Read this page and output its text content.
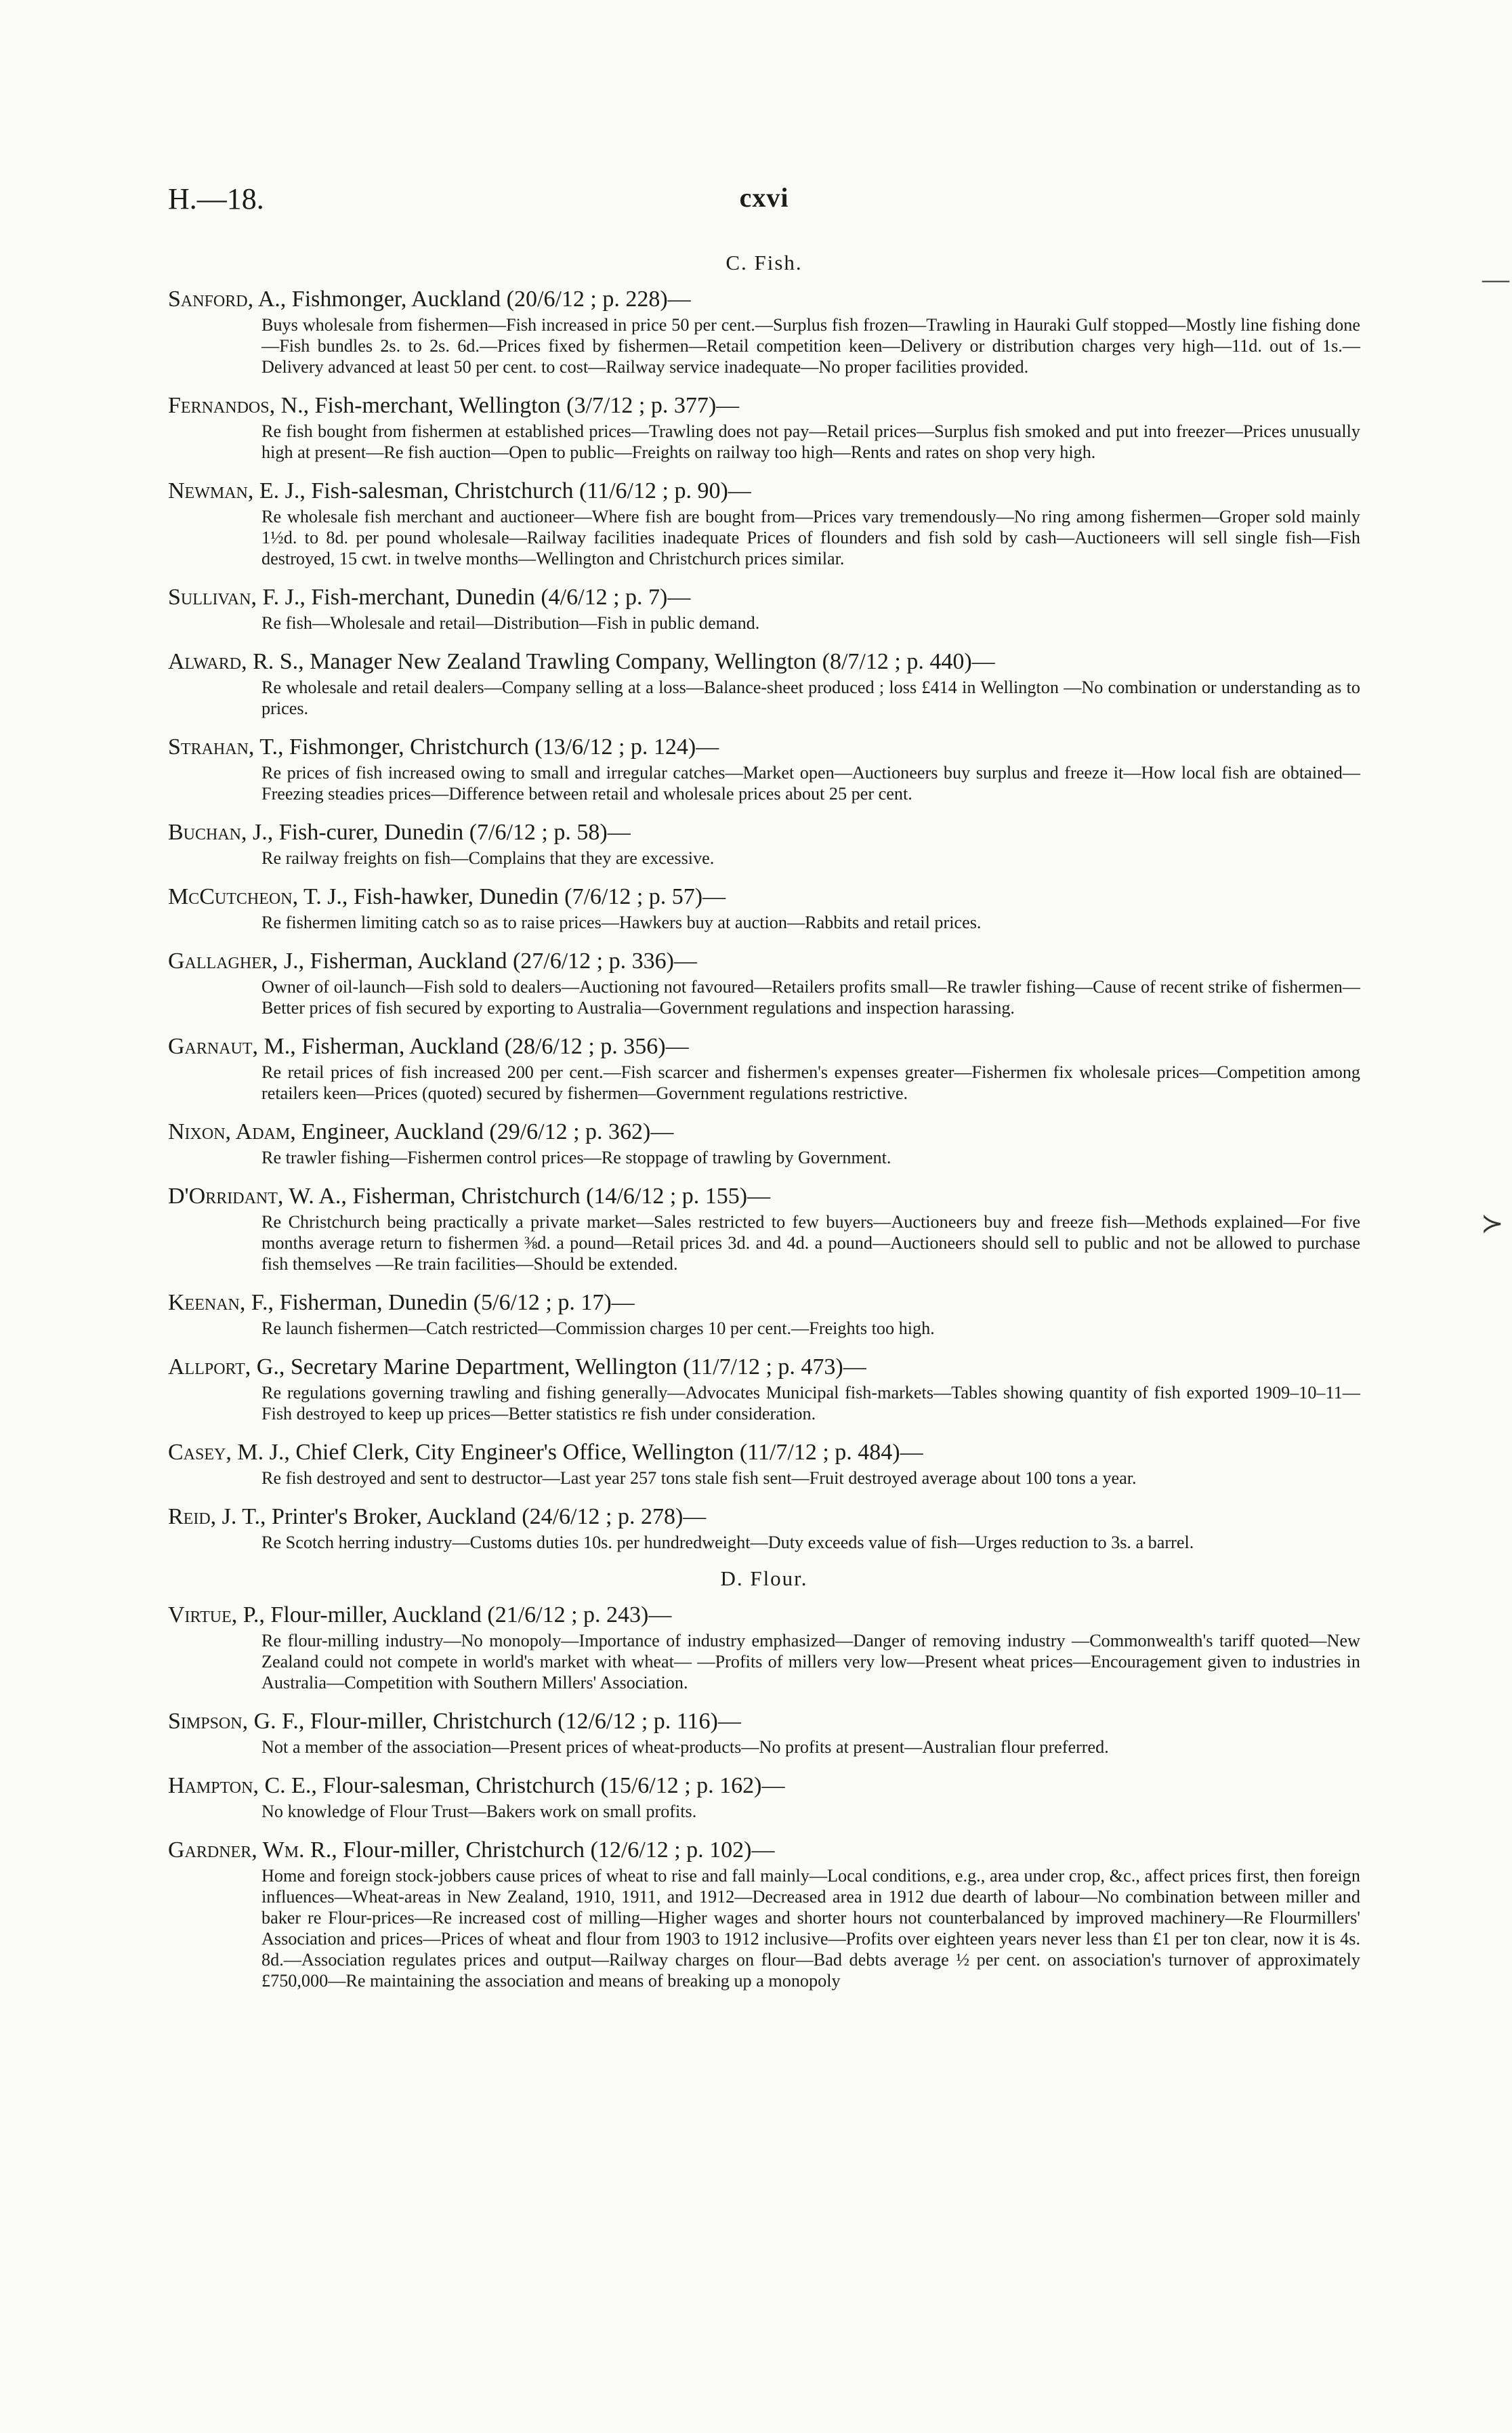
H.—18.	cxvi
—
≻
C. Fish.
Sanford, A., Fishmonger, Auckland (20/6/12 ; p. 228)—
Buys wholesale from fishermen—Fish increased in price 50 per cent.—Surplus fish frozen—Trawling in Hauraki Gulf stopped—Mostly line fishing done—Fish bundles 2s. to 2s. 6d.—Prices fixed by fishermen—Retail competition keen—Delivery or distribution charges very high—11d. out of 1s.—Delivery advanced at least 50 per cent. to cost—Railway service inadequate—No proper facilities provided.
Fernandos, N., Fish-merchant, Wellington (3/7/12 ; p. 377)—
Re fish bought from fishermen at established prices—Trawling does not pay—Retail prices—Surplus fish smoked and put into freezer—Prices unusually high at present—Re fish auction—Open to public—Freights on railway too high—Rents and rates on shop very high.
Newman, E. J., Fish-salesman, Christchurch (11/6/12 ; p. 90)—
Re wholesale fish merchant and auctioneer—Where fish are bought from—Prices vary tremendously—No ring among fishermen—Groper sold mainly 1½d. to 8d. per pound wholesale—Railway facilities inadequate Prices of flounders and fish sold by cash—Auctioneers will sell single fish—Fish destroyed, 15 cwt. in twelve months—Wellington and Christchurch prices similar.
Sullivan, F. J., Fish-merchant, Dunedin (4/6/12 ; p. 7)—
Re fish—Wholesale and retail—Distribution—Fish in public demand.
Alward, R. S., Manager New Zealand Trawling Company, Wellington (8/7/12 ; p. 440)—
Re wholesale and retail dealers—Company selling at a loss—Balance-sheet produced ; loss £414 in Wellington —No combination or understanding as to prices.
Strahan, T., Fishmonger, Christchurch (13/6/12 ; p. 124)—
Re prices of fish increased owing to small and irregular catches—Market open—Auctioneers buy surplus and freeze it—How local fish are obtained—Freezing steadies prices—Difference between retail and wholesale prices about 25 per cent.
Buchan, J., Fish-curer, Dunedin (7/6/12 ; p. 58)—
Re railway freights on fish—Complains that they are excessive.
McCutcheon, T. J., Fish-hawker, Dunedin (7/6/12 ; p. 57)—
Re fishermen limiting catch so as to raise prices—Hawkers buy at auction—Rabbits and retail prices.
Gallagher, J., Fisherman, Auckland (27/6/12 ; p. 336)—
Owner of oil-launch—Fish sold to dealers—Auctioning not favoured—Retailers profits small—Re trawler fishing—Cause of recent strike of fishermen—Better prices of fish secured by exporting to Australia—Government regulations and inspection harassing.
Garnaut, M., Fisherman, Auckland (28/6/12 ; p. 356)—
Re retail prices of fish increased 200 per cent.—Fish scarcer and fishermen's expenses greater—Fishermen fix wholesale prices—Competition among retailers keen—Prices (quoted) secured by fishermen—Government regulations restrictive.
Nixon, Adam, Engineer, Auckland (29/6/12 ; p. 362)—
Re trawler fishing—Fishermen control prices—Re stoppage of trawling by Government.
D'Orridant, W. A., Fisherman, Christchurch (14/6/12 ; p. 155)—
Re Christchurch being practically a private market—Sales restricted to few buyers—Auctioneers buy and freeze fish—Methods explained—For five months average return to fishermen ⅜d. a pound—Retail prices 3d. and 4d. a pound—Auctioneers should sell to public and not be allowed to purchase fish themselves —Re train facilities—Should be extended.
Keenan, F., Fisherman, Dunedin (5/6/12 ; p. 17)—
Re launch fishermen—Catch restricted—Commission charges 10 per cent.—Freights too high.
Allport, G., Secretary Marine Department, Wellington (11/7/12 ; p. 473)—
Re regulations governing trawling and fishing generally—Advocates Municipal fish-markets—Tables showing quantity of fish exported 1909–10–11—Fish destroyed to keep up prices—Better statistics re fish under consideration.
Casey, M. J., Chief Clerk, City Engineer's Office, Wellington (11/7/12 ; p. 484)—
Re fish destroyed and sent to destructor—Last year 257 tons stale fish sent—Fruit destroyed average about 100 tons a year.
Reid, J. T., Printer's Broker, Auckland (24/6/12 ; p. 278)—
Re Scotch herring industry—Customs duties 10s. per hundredweight—Duty exceeds value of fish—Urges reduction to 3s. a barrel.
D. Flour.
Virtue, P., Flour-miller, Auckland (21/6/12 ; p. 243)—
Re flour-milling industry—No monopoly—Importance of industry emphasized—Danger of removing industry —Commonwealth's tariff quoted—New Zealand could not compete in world's market with wheat— —Profits of millers very low—Present wheat prices—Encouragement given to industries in Australia—Competition with Southern Millers' Association.
Simpson, G. F., Flour-miller, Christchurch (12/6/12 ; p. 116)—
Not a member of the association—Present prices of wheat-products—No profits at present—Australian flour preferred.
Hampton, C. E., Flour-salesman, Christchurch (15/6/12 ; p. 162)—
No knowledge of Flour Trust—Bakers work on small profits.
Gardner, Wm. R., Flour-miller, Christchurch (12/6/12 ; p. 102)—
Home and foreign stock-jobbers cause prices of wheat to rise and fall mainly—Local conditions, e.g., area under crop, &c., affect prices first, then foreign influences—Wheat-areas in New Zealand, 1910, 1911, and 1912—Decreased area in 1912 due dearth of labour—No combination between miller and baker re Flour-prices—Re increased cost of milling—Higher wages and shorter hours not counterbalanced by improved machinery—Re Flourmillers' Association and prices—Prices of wheat and flour from 1903 to 1912 inclusive—Profits over eighteen years never less than £1 per ton clear, now it is 4s. 8d.—Association regulates prices and output—Railway charges on flour—Bad debts average ½ per cent. on association's turnover of approximately £750,000—Re maintaining the association and means of breaking up a monopoly
